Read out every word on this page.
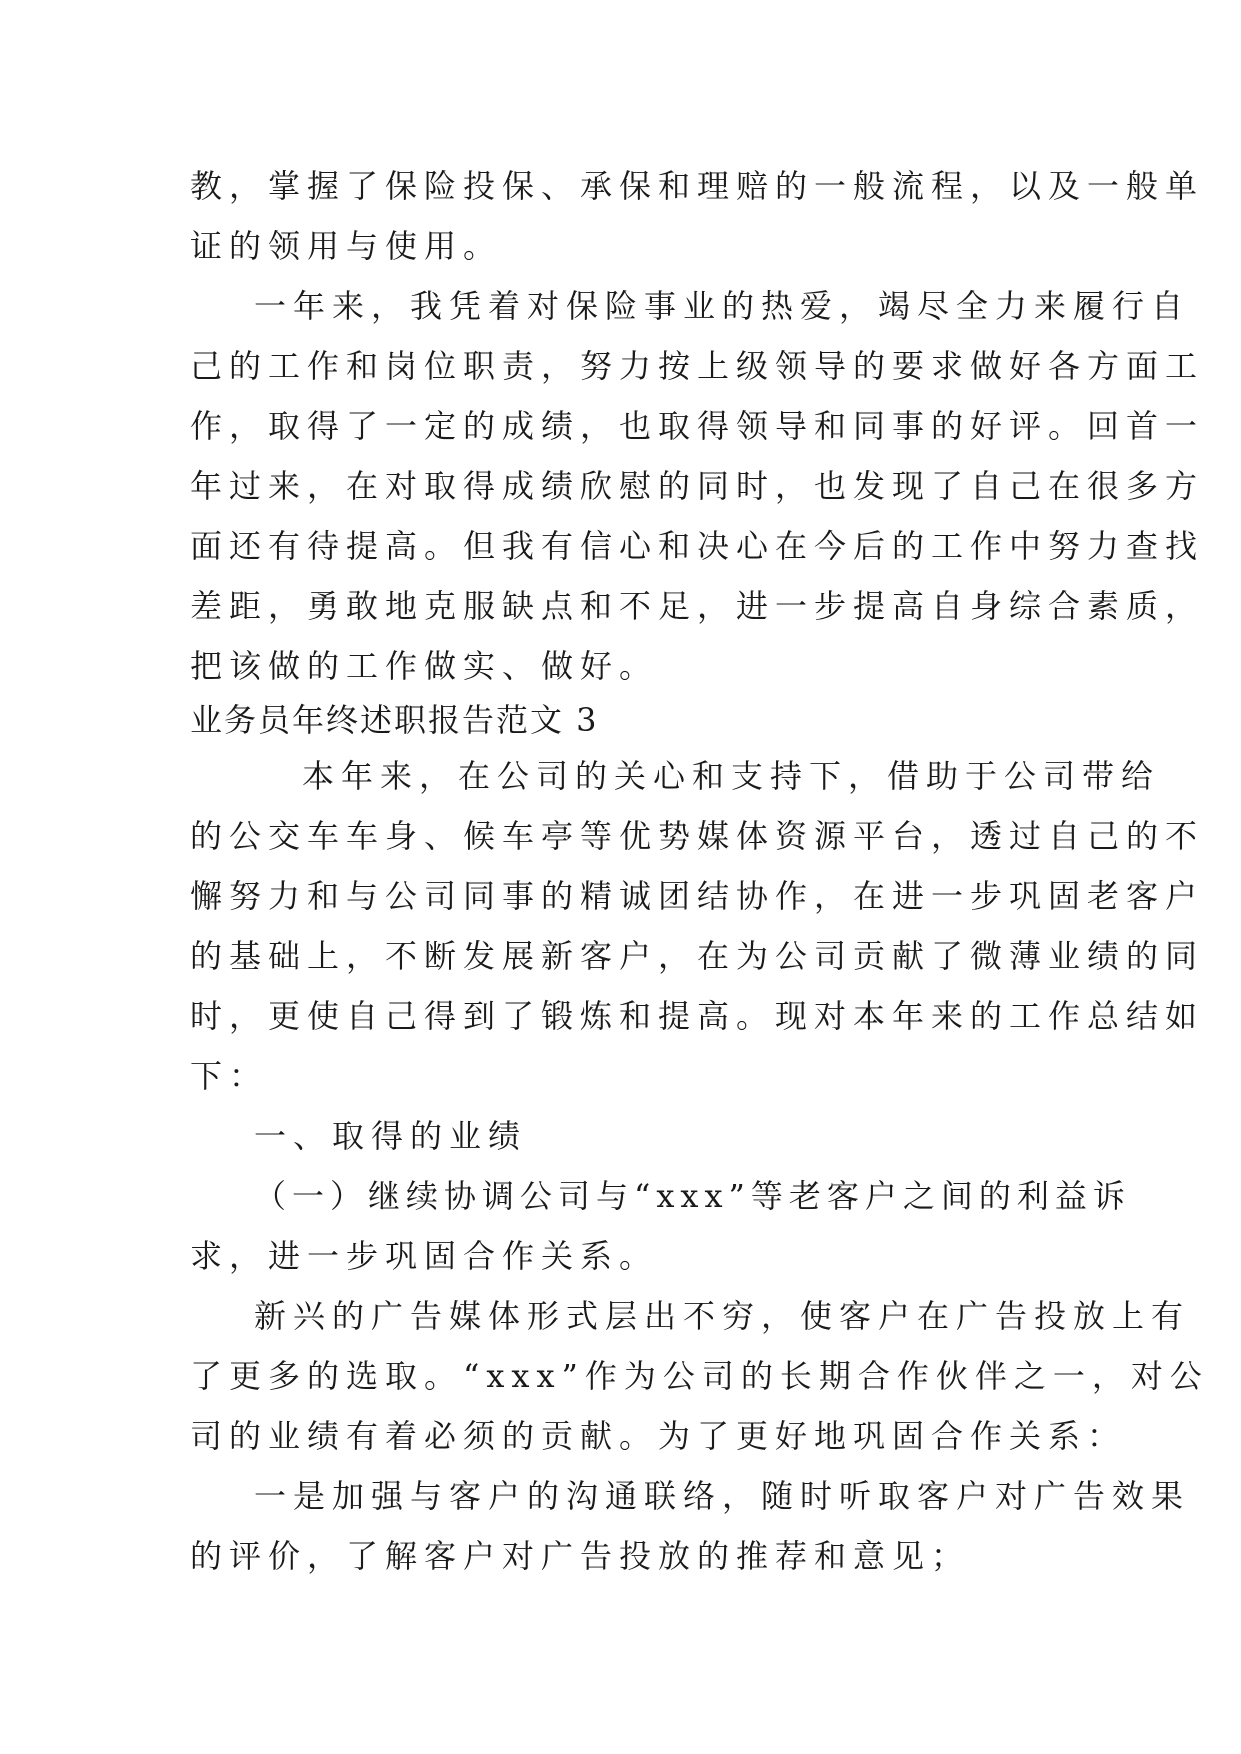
教，掌握了保险投保、承保和理赔的一般流程，以及一般单
证的领用与使用。
一年来，我凭着对保险事业的热爱，竭尽全力来履行自
己的工作和岗位职责，努力按上级领导的要求做好各方面工
作，取得了一定的成绩，也取得领导和同事的好评。回首一
年过来，在对取得成绩欣慰的同时，也发现了自己在很多方
面还有待提高。但我有信心和决心在今后的工作中努力查找
差距，勇敢地克服缺点和不足，进一步提高自身综合素质，
把该做的工作做实、做好。
业务员年终述职报告范文 3
本年来，在公司的关心和支持下，借助于公司带给
的公交车车身、候车亭等优势媒体资源平台，透过自己的不
懈努力和与公司同事的精诚团结协作，在进一步巩固老客户
的基础上，不断发展新客户，在为公司贡献了微薄业绩的同
时，更使自己得到了锻炼和提高。现对本年来的工作总结如
下：
一、取得的业绩
（一）继续协调公司与“xxx”等老客户之间的利益诉
求，进一步巩固合作关系。
新兴的广告媒体形式层出不穷，使客户在广告投放上有
了更多的选取。“xxx”作为公司的长期合作伙伴之一，对公
司的业绩有着必须的贡献。为了更好地巩固合作关系：
一是加强与客户的沟通联络，随时听取客户对广告效果
的评价，了解客户对广告投放的推荐和意见；
